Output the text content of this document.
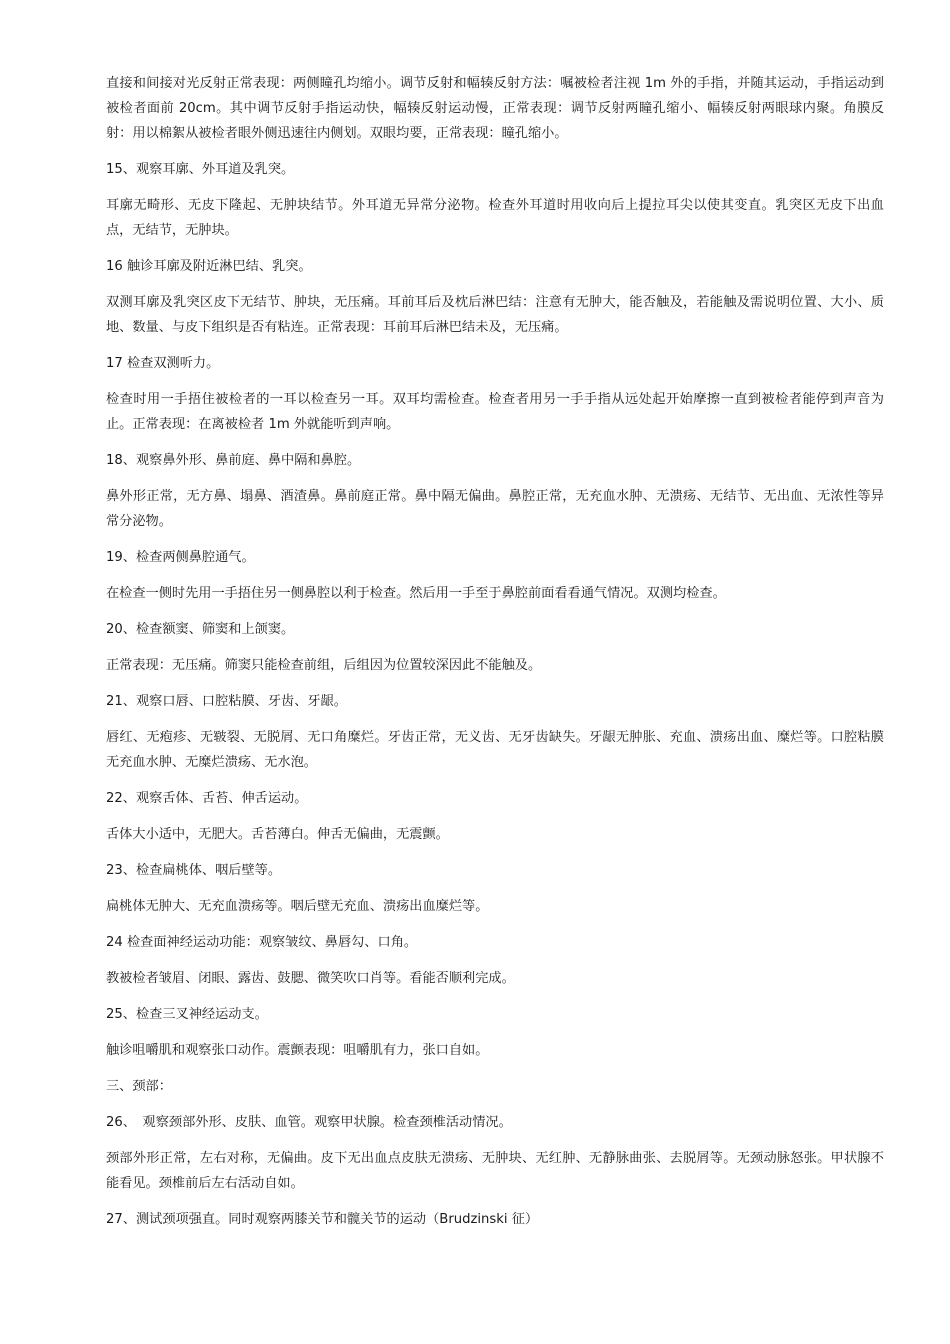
直接和间接对光反射正常表现：两侧瞳孔均缩小。调节反射和幅辏反射方法：嘱被检者注视 1m 外的手指，并随其运动，手指运动到被检者面前 20cm。其中调节反射手指运动快，幅辏反射运动慢，正常表现：调节反射两瞳孔缩小、幅辏反射两眼球内聚。角膜反射：用以棉絮从被检者眼外侧迅速往内侧划。双眼均要，正常表现：瞳孔缩小。

15、观察耳廓、外耳道及乳突。

耳廓无畸形、无皮下隆起、无肿块结节。外耳道无异常分泌物。检查外耳道时用收向后上提拉耳尖以使其变直。乳突区无皮下出血点，无结节，无肿块。

16 触诊耳廓及附近淋巴结、乳突。

双测耳廓及乳突区皮下无结节、肿块，无压痛。耳前耳后及枕后淋巴结：注意有无肿大，能否触及，若能触及需说明位置、大小、质地、数量、与皮下组织是否有粘连。正常表现：耳前耳后淋巴结未及，无压痛。

17 检查双测听力。

检查时用一手捂住被检者的一耳以检查另一耳。双耳均需检查。检查者用另一手手指从远处起开始摩擦一直到被检者能停到声音为止。正常表现：在离被检者 1m 外就能听到声响。

18、观察鼻外形、鼻前庭、鼻中隔和鼻腔。

鼻外形正常，无方鼻、塌鼻、酒渣鼻。鼻前庭正常。鼻中隔无偏曲。鼻腔正常，无充血水肿、无溃疡、无结节、无出血、无浓性等异常分泌物。

19、检查两侧鼻腔通气。

在检查一侧时先用一手捂住另一侧鼻腔以利于检查。然后用一手至于鼻腔前面看看通气情况。双测均检查。

20、检查额窦、筛窦和上颌窦。

正常表现：无压痛。筛窦只能检查前组，后组因为位置较深因此不能触及。

21、观察口唇、口腔粘膜、牙齿、牙龈。

唇红、无疱疹、无皲裂、无脱屑、无口角糜烂。牙齿正常，无义齿、无牙齿缺失。牙龈无肿胀、充血、溃疡出血、糜烂等。口腔粘膜无充血水肿、无糜烂溃疡、无水泡。

22、观察舌体、舌苔、伸舌运动。

舌体大小适中，无肥大。舌苔薄白。伸舌无偏曲，无震颤。

23、检查扁桃体、咽后壁等。

扁桃体无肿大、无充血溃疡等。咽后壁无充血、溃疡出血糜烂等。

24 检查面神经运动功能：观察皱纹、鼻唇勾、口角。

教被检者皱眉、闭眼、露齿、鼓腮、微笑吹口肖等。看能否顺利完成。

25、检查三叉神经运动支。

触诊咀嚼肌和观察张口动作。震颤表现：咀嚼肌有力，张口自如。

三、颈部：

26、　观察颈部外形、皮肤、血管。观察甲状腺。检查颈椎活动情况。

颈部外形正常，左右对称，无偏曲。皮下无出血点皮肤无溃疡、无肿块、无红肿、无静脉曲张、去脱屑等。无颈动脉怒张。甲状腺不能看见。颈椎前后左右活动自如。

27、测试颈项强直。同时观察两膝关节和髋关节的运动（Brudzinski 征）
